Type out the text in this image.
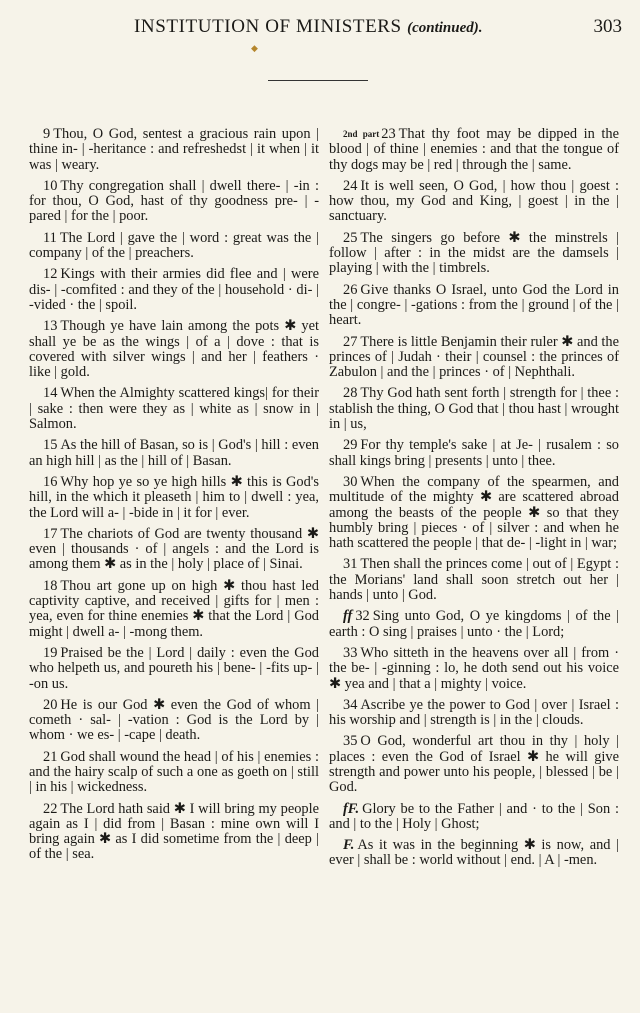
INSTITUTION OF MINISTERS (continued).	303
◆

9 Thou, O God, sentest a gracious rain upon | thine in- | -heritance : and refreshedst | it when | it was | weary.

10 Thy congregation shall | dwell there- | -in : for thou, O God, hast of thy goodness pre- | -pared | for the | poor.

11 The Lord | gave the | word : great was the | company | of the | preachers.

12 Kings with their armies did flee and | were dis- | -comfited : and they of the | household · di- | -vided · the | spoil.

13 Though ye have lain among the pots ✱ yet shall ye be as the wings | of a | dove : that is covered with silver wings | and her | feathers · like | gold.

14 When the Almighty scattered kings| for their | sake : then were they as | white as | snow in | Salmon.

15 As the hill of Basan, so is | God's | hill : even an high hill | as the | hill of | Basan.

16 Why hop ye so ye high hills ✱ this is God's hill, in the which it pleaseth | him to | dwell : yea, the Lord will a- | -bide in | it for | ever.

17 The chariots of God are twenty thousand ✱ even | thousands · of | angels : and the Lord is among them ✱ as in the | holy | place of | Sinai.

18 Thou art gone up on high ✱ thou hast led captivity captive, and received | gifts for | men : yea, even for thine enemies ✱ that the Lord | God might | dwell a- | -mong them.

19 Praised be the | Lord | daily : even the God who helpeth us, and poureth his | bene- | -fits up- | -on us.

20 He is our God ✱ even the God of whom | cometh · sal- | -vation : God is the Lord by | whom · we es- | -cape | death.

21 God shall wound the head | of his | enemies : and the hairy scalp of such a one as goeth on | still | in his | wickedness.

22 The Lord hath said ✱ I will bring my people again as I | did from | Basan : mine own will I bring again ✱ as I did sometime from the | deep | of the | sea.

$^{2nd part}$ 23 That thy foot may be dipped in the blood | of thine | enemies : and that the tongue of thy dogs may be | red | through the | same.

24 It is well seen, O God, | how thou | goest : how thou, my God and King, | goest | in the | sanctuary.

25 The singers go before ✱ the minstrels | follow | after : in the midst are the damsels | playing | with the | timbrels.

26 Give thanks O Israel, unto God the Lord in the | congre- | -gations : from the | ground | of the | heart.

27 There is little Benjamin their ruler ✱ and the princes of | Judah · their | counsel : the princes of Zabulon | and the | princes · of | Nephthali.

28 Thy God hath sent forth | strength for | thee : stablish the thing, O God that | thou hast | wrought in | us,

29 For thy temple's sake | at Je- | rusalem : so shall kings bring | presents | unto | thee.

30 When the company of the spearmen, and multitude of the mighty ✱ are scattered abroad among the beasts of the people ✱ so that they humbly bring | pieces · of | silver : and when he hath scattered the people | that de- | -light in | war;

31 Then shall the princes come | out of | Egypt : the Morians' land shall soon stretch out her | hands | unto | God.

ff 32 Sing unto God, O ye kingdoms | of the | earth : O sing | praises | unto · the | Lord;

33 Who sitteth in the heavens over all | from · the be- | -ginning : lo, he doth send out his voice ✱ yea and | that a | mighty | voice.

34 Ascribe ye the power to God | over | Israel : his worship and | strength is | in the | clouds.

35 O God, wonderful art thou in thy | holy | places : even the God of Israel ✱ he will give strength and power unto his people, | blessed | be | God.

fF. Glory be to the Father | and · to the | Son : and | to the | Holy | Ghost;

F. As it was in the beginning ✱ is now, and | ever | shall be : world without | end. | A | -men.
